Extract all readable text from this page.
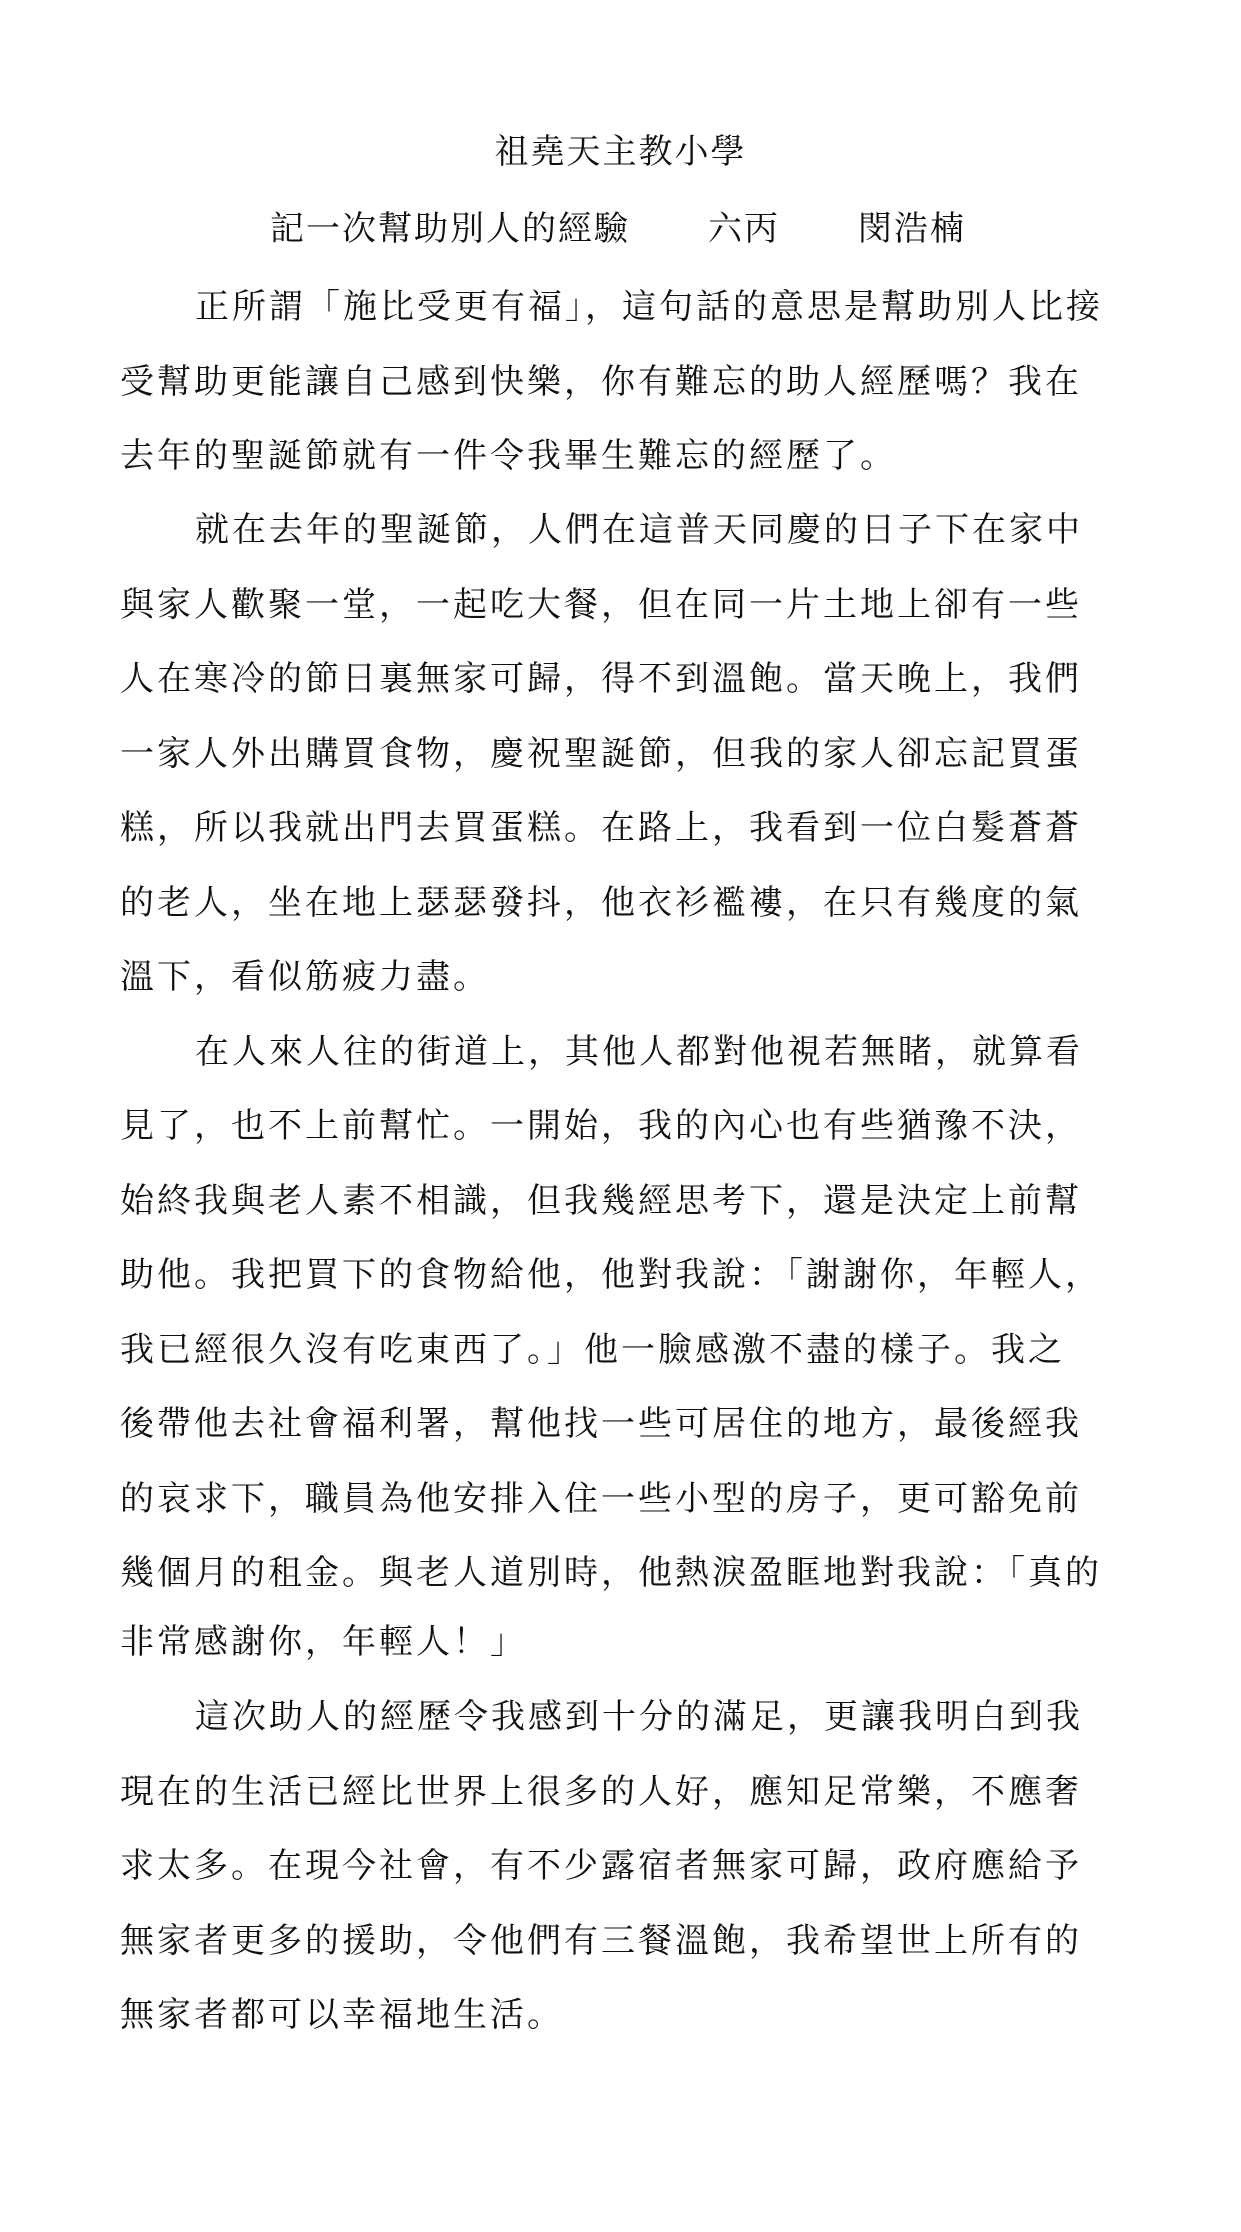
祖堯天主教小學
記一次幫助別人的經驗 六丙 閔浩楠
正所謂「施比受更有福」，這句話的意思是幫助別人比接
受幫助更能讓自己感到快樂，你有難忘的助人經歷嗎？我在
去年的聖誕節就有一件令我畢生難忘的經歷了。
就在去年的聖誕節，人們在這普天同慶的日子下在家中
與家人歡聚一堂，一起吃大餐，但在同一片土地上卻有一些
人在寒冷的節日裏無家可歸，得不到溫飽。當天晚上，我們
一家人外出購買食物，慶祝聖誕節，但我的家人卻忘記買蛋
糕，所以我就出門去買蛋糕。在路上，我看到一位白髮蒼蒼
的老人，坐在地上瑟瑟發抖，他衣衫襤褸，在只有幾度的氣
溫下，看似筋疲力盡。
在人來人往的街道上，其他人都對他視若無睹，就算看
見了，也不上前幫忙。一開始，我的內心也有些猶豫不決，
始終我與老人素不相識，但我幾經思考下，還是決定上前幫
助他。我把買下的食物給他，他對我說：「謝謝你，年輕人，
我已經很久沒有吃東西了。」他一臉感激不盡的樣子。我之
後帶他去社會福利署，幫他找一些可居住的地方，最後經我
的哀求下，職員為他安排入住一些小型的房子，更可豁免前
幾個月的租金。與老人道別時，他熱淚盈眶地對我說：「真的
非常感謝你，年輕人！」
這次助人的經歷令我感到十分的滿足，更讓我明白到我
現在的生活已經比世界上很多的人好，應知足常樂，不應奢
求太多。在現今社會，有不少露宿者無家可歸，政府應給予
無家者更多的援助，令他們有三餐溫飽，我希望世上所有的
無家者都可以幸福地生活。
